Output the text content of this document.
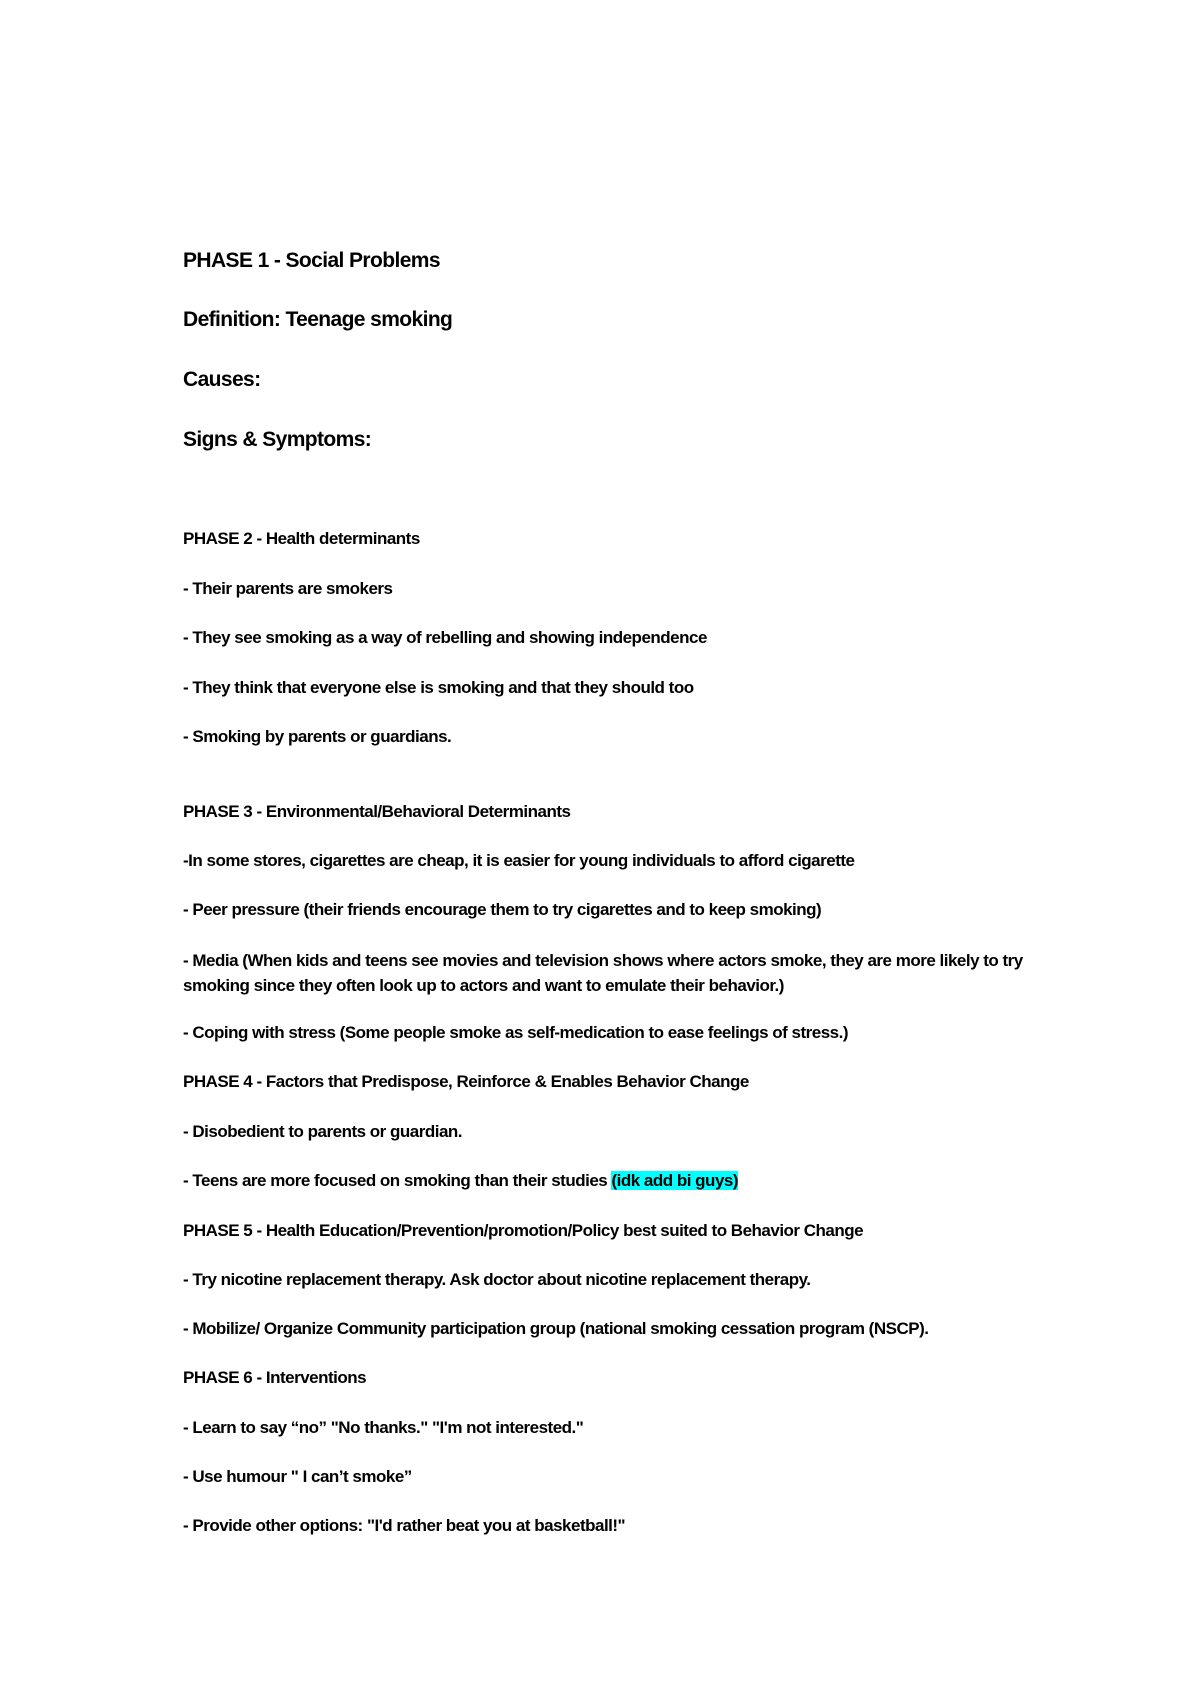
PHASE 1 - Social Problems
Definition: Teenage smoking
Causes:
Signs & Symptoms:
PHASE 2 - Health determinants
- Their parents are smokers
- They see smoking as a way of rebelling and showing independence
- They think that everyone else is smoking and that they should too
- Smoking by parents or guardians.
PHASE 3 - Environmental/Behavioral Determinants
-In some stores, cigarettes are cheap, it is easier for young individuals to afford cigarette
- Peer pressure (their friends encourage them to try cigarettes and to keep smoking)
- Media (When kids and teens see movies and television shows where actors smoke, they are more likely to try smoking since they often look up to actors and want to emulate their behavior.)
- Coping with stress (Some people smoke as self-medication to ease feelings of stress.)
PHASE 4 - Factors that Predispose, Reinforce & Enables Behavior Change
- Disobedient to parents or guardian.
- Teens are more focused on smoking than their studies (idk add bi guys)
PHASE 5 - Health Education/Prevention/promotion/Policy best suited to Behavior Change
- Try nicotine replacement therapy. Ask doctor about nicotine replacement therapy.
- Mobilize/ Organize Community participation group (national smoking cessation program (NSCP).
PHASE 6 - Interventions
- Learn to say “no” "No thanks." "I'm not interested."
- Use humour " I can’t smoke”
- Provide other options: "I'd rather beat you at basketball!"
